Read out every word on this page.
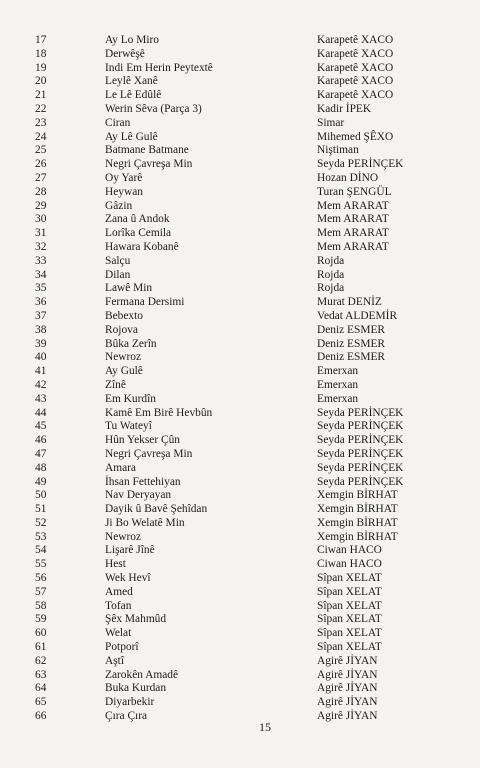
17	Ay Lo Miro	Karapetê XACO
18	Derwêşê	Karapetê XACO
19	Indi Em Herin Peytextê	Karapetê XACO
20	Leylê Xanê	Karapetê XACO
21	Le Lê Edûlê	Karapetê XACO
22	Werin Sêva (Parça 3)	Kadir İPEK
23	Ciran	Simar
24	Ay Lê Gulê	Mihemed ŞÊXO
25	Batmane Batmane	Niştiman
26	Negri Çavreşa Min	Seyda PERİNÇEK
27	Oy Yarê	Hozan DİNO
28	Heywan	Turan ŞENGÜL
29	Gâzin	Mem ARARAT
30	Zana û Andok	Mem ARARAT
31	Lorîka Cemila	Mem ARARAT
32	Hawara Kobanê	Mem ARARAT
33	Salçu	Rojda
34	Dilan	Rojda
35	Lawê Min	Rojda
36	Fermana Dersimi	Murat DENİZ
37	Bebexto	Vedat ALDEMİR
38	Rojova	Deniz ESMER
39	Bûka Zerîn	Deniz ESMER
40	Newroz	Deniz ESMER
41	Ay Gulê	Emerxan
42	Zînê	Emerxan
43	Em Kurdîn	Emerxan
44	Kamê Em Birê Hevbûn	Seyda PERİNÇEK
45	Tu Wateyî	Seyda PERİNÇEK
46	Hûn Yekser Çûn	Seyda PERİNÇEK
47	Negri Çavreşa Min	Seyda PERİNÇEK
48	Amara	Seyda PERİNÇEK
49	İhsan Fettehiyan	Seyda PERİNÇEK
50	Nav Deryayan	Xemgin BİRHAT
51	Dayik û Bavê Şehîdan	Xemgin BİRHAT
52	Ji Bo Welatê Min	Xemgin BİRHAT
53	Newroz	Xemgin BİRHAT
54	Lişarê Jînê	Ciwan HACO
55	Hest	Ciwan HACO
56	Wek Hevî	Sîpan XELAT
57	Amed	Sîpan XELAT
58	Tofan	Sîpan XELAT
59	Şêx Mahmûd	Sîpan XELAT
60	Welat	Sîpan XELAT
61	Potporî	Sîpan XELAT
62	Aştî	Agirê JİYAN
63	Zarokên Amadê	Agirê JİYAN
64	Buka Kurdan	Agirê JİYAN
65	Diyarbekir	Agirê JİYAN
66	Çıra Çıra	Agirê JİYAN
15
